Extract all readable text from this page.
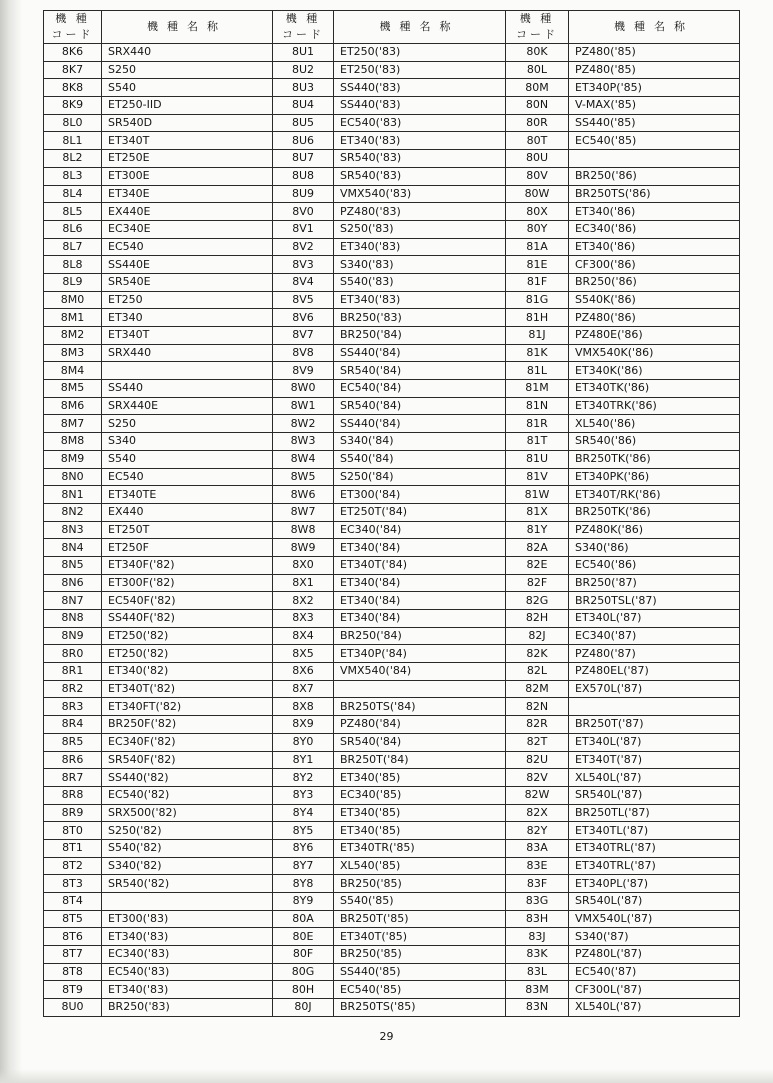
機 種
コード	機種名称	機 種
コード	機種名称	機 種
コード	機種名称
8K6	SRX440	8U1	ET250('83)	80K	PZ480('85)
8K7	S250	8U2	ET250('83)	80L	PZ480('85)
8K8	S540	8U3	SS440('83)	80M	ET340P('85)
8K9	ET250-IID	8U4	SS440('83)	80N	V-MAX('85)
8L0	SR540D	8U5	EC540('83)	80R	SS440('85)
8L1	ET340T	8U6	ET340('83)	80T	EC540('85)
8L2	ET250E	8U7	SR540('83)	80U	
8L3	ET300E	8U8	SR540('83)	80V	BR250('86)
8L4	ET340E	8U9	VMX540('83)	80W	BR250TS('86)
8L5	EX440E	8V0	PZ480('83)	80X	ET340('86)
8L6	EC340E	8V1	S250('83)	80Y	EC340('86)
8L7	EC540	8V2	ET340('83)	81A	ET340('86)
8L8	SS440E	8V3	S340('83)	81E	CF300('86)
8L9	SR540E	8V4	S540('83)	81F	BR250('86)
8M0	ET250	8V5	ET340('83)	81G	S540K('86)
8M1	ET340	8V6	BR250('83)	81H	PZ480('86)
8M2	ET340T	8V7	BR250('84)	81J	PZ480E('86)
8M3	SRX440	8V8	SS440('84)	81K	VMX540K('86)
8M4		8V9	SR540('84)	81L	ET340K('86)
8M5	SS440	8W0	EC540('84)	81M	ET340TK('86)
8M6	SRX440E	8W1	SR540('84)	81N	ET340TRK('86)
8M7	S250	8W2	SS440('84)	81R	XL540('86)
8M8	S340	8W3	S340('84)	81T	SR540('86)
8M9	S540	8W4	S540('84)	81U	BR250TK('86)
8N0	EC540	8W5	S250('84)	81V	ET340PK('86)
8N1	ET340TE	8W6	ET300('84)	81W	ET340T/RK('86)
8N2	EX440	8W7	ET250T('84)	81X	BR250TK('86)
8N3	ET250T	8W8	EC340('84)	81Y	PZ480K('86)
8N4	ET250F	8W9	ET340('84)	82A	S340('86)
8N5	ET340F('82)	8X0	ET340T('84)	82E	EC540('86)
8N6	ET300F('82)	8X1	ET340('84)	82F	BR250('87)
8N7	EC540F('82)	8X2	ET340('84)	82G	BR250TSL('87)
8N8	SS440F('82)	8X3	ET340('84)	82H	ET340L('87)
8N9	ET250('82)	8X4	BR250('84)	82J	EC340('87)
8R0	ET250('82)	8X5	ET340P('84)	82K	PZ480('87)
8R1	ET340('82)	8X6	VMX540('84)	82L	PZ480EL('87)
8R2	ET340T('82)	8X7		82M	EX570L('87)
8R3	ET340FT('82)	8X8	BR250TS('84)	82N	
8R4	BR250F('82)	8X9	PZ480('84)	82R	BR250T('87)
8R5	EC340F('82)	8Y0	SR540('84)	82T	ET340L('87)
8R6	SR540F('82)	8Y1	BR250T('84)	82U	ET340T('87)
8R7	SS440('82)	8Y2	ET340('85)	82V	XL540L('87)
8R8	EC540('82)	8Y3	EC340('85)	82W	SR540L('87)
8R9	SRX500('82)	8Y4	ET340('85)	82X	BR250TL('87)
8T0	S250('82)	8Y5	ET340('85)	82Y	ET340TL('87)
8T1	S540('82)	8Y6	ET340TR('85)	83A	ET340TRL('87)
8T2	S340('82)	8Y7	XL540('85)	83E	ET340TRL('87)
8T3	SR540('82)	8Y8	BR250('85)	83F	ET340PL('87)
8T4		8Y9	S540('85)	83G	SR540L('87)
8T5	ET300('83)	80A	BR250T('85)	83H	VMX540L('87)
8T6	ET340('83)	80E	ET340T('85)	83J	S340('87)
8T7	EC340('83)	80F	BR250('85)	83K	PZ480L('87)
8T8	EC540('83)	80G	SS440('85)	83L	EC540('87)
8T9	ET340('83)	80H	EC540('85)	83M	CF300L('87)
8U0	BR250('83)	80J	BR250TS('85)	83N	XL540L('87)
29
